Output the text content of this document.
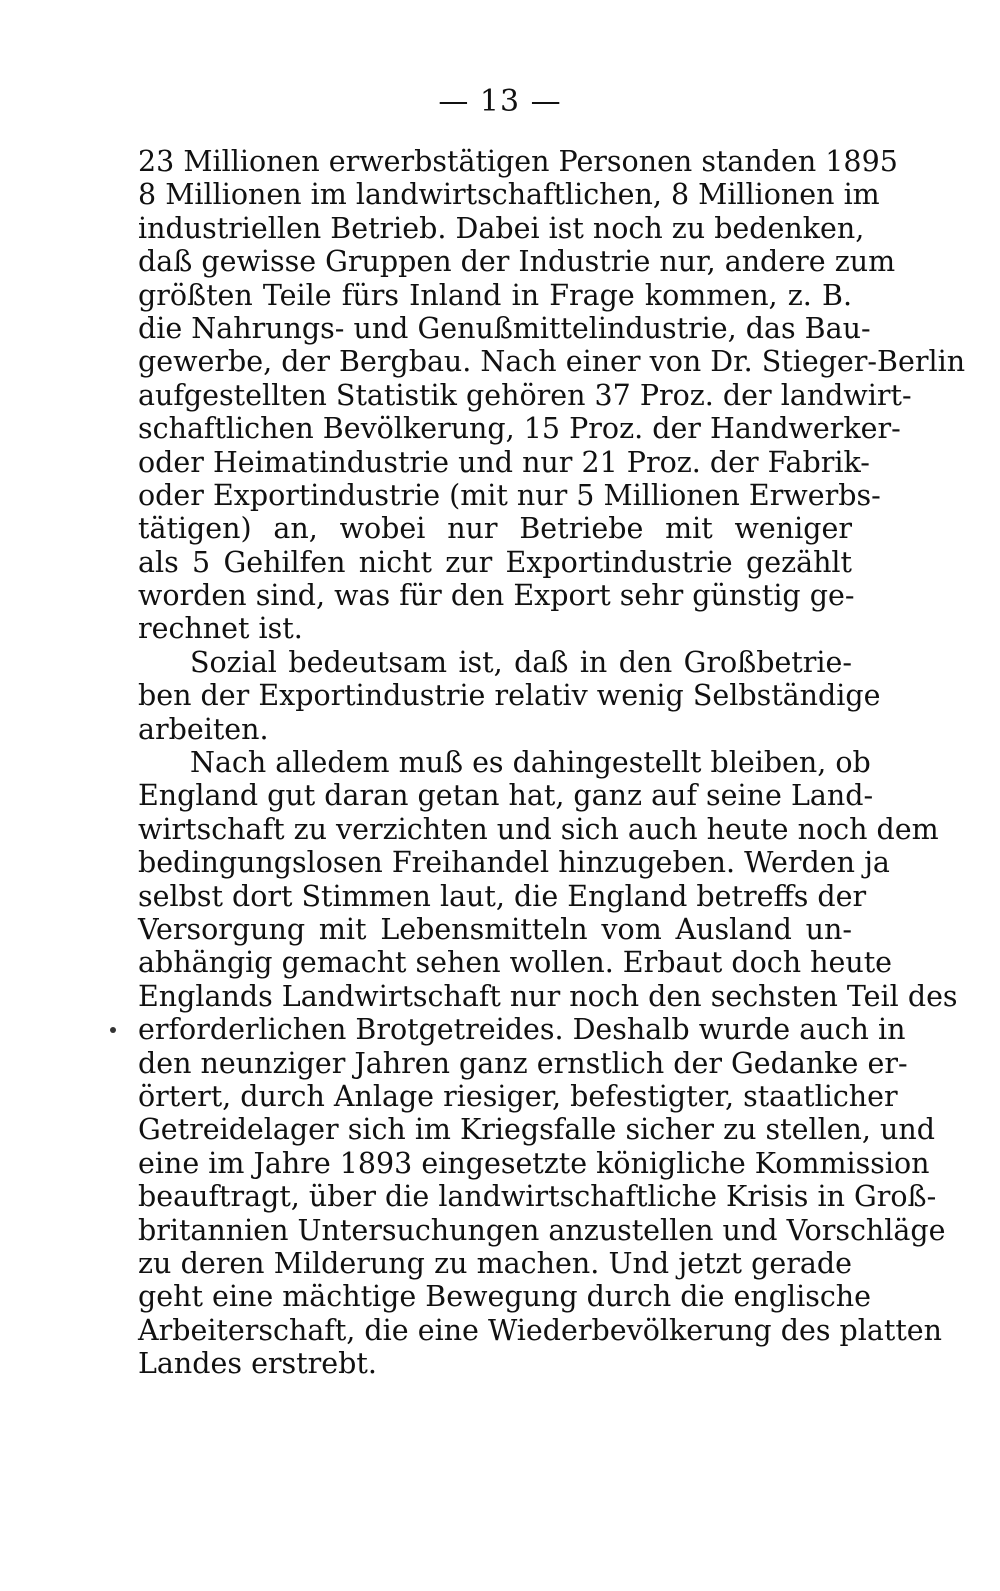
— 13 —
23 Millionen erwerbstätigen Personen standen 1895
8 Millionen im landwirtschaftlichen, 8 Millionen im
industriellen Betrieb. Dabei ist noch zu bedenken,
daß gewisse Gruppen der Industrie nur, andere zum
größten Teile fürs Inland in Frage kommen, z. B.
die Nahrungs- und Genußmittelindustrie, das Bau-
gewerbe, der Bergbau. Nach einer von Dr. Stieger-Berlin
aufgestellten Statistik gehören 37 Proz. der landwirt-
schaftlichen Bevölkerung, 15 Proz. der Handwerker-
oder Heimatindustrie und nur 21 Proz. der Fabrik-
oder Exportindustrie (mit nur 5 Millionen Erwerbs-
tätigen) an, wobei nur Betriebe mit weniger
als 5 Gehilfen nicht zur Exportindustrie gezählt
worden sind, was für den Export sehr günstig ge-
rechnet ist.
Sozial bedeutsam ist, daß in den Großbetrie-
ben der Exportindustrie relativ wenig Selbständige
arbeiten.
Nach alledem muß es dahingestellt bleiben, ob
England gut daran getan hat, ganz auf seine Land-
wirtschaft zu verzichten und sich auch heute noch dem
bedingungslosen Freihandel hinzugeben. Werden ja
selbst dort Stimmen laut, die England betreffs der
Versorgung mit Lebensmitteln vom Ausland un-
abhängig gemacht sehen wollen. Erbaut doch heute
Englands Landwirtschaft nur noch den sechsten Teil des
erforderlichen Brotgetreides. Deshalb wurde auch in
den neunziger Jahren ganz ernstlich der Gedanke er-
örtert, durch Anlage riesiger, befestigter, staatlicher
Getreidelager sich im Kriegsfalle sicher zu stellen, und
eine im Jahre 1893 eingesetzte königliche Kommission
beauftragt, über die landwirtschaftliche Krisis in Groß-
britannien Untersuchungen anzustellen und Vorschläge
zu deren Milderung zu machen. Und jetzt gerade
geht eine mächtige Bewegung durch die englische
Arbeiterschaft, die eine Wiederbevölkerung des platten
Landes erstrebt.
